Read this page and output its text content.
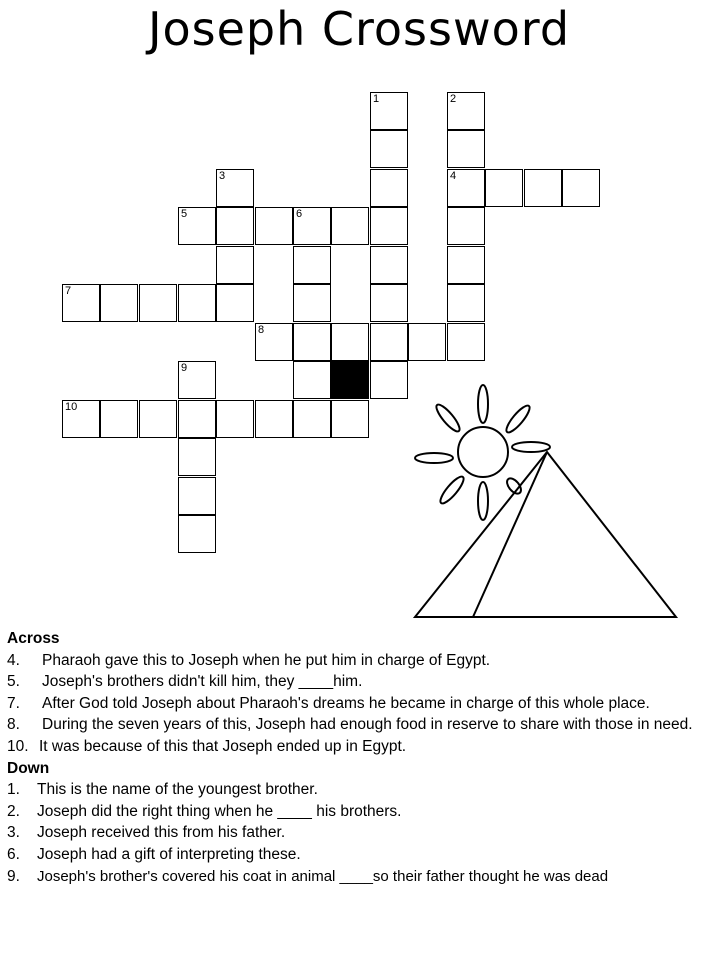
Joseph Crossword
1	2
4
3
5	6
7
8
9
10
Across
4.	Pharaoh gave this to Joseph when he put him in charge of Egypt.
5.	Joseph's brothers didn't kill him, they ____him.
7.	After God told Joseph about Pharaoh's dreams he became in charge of this whole place.
8.	During the seven years of this, Joseph had enough food in reserve to share with those in need.
10. It was because of this that Joseph ended up in Egypt.
Down
1.	This is the name of the youngest brother.
2.	Joseph did the right thing when he ____ his brothers.
3.	Joseph received this from his father.
6.	Joseph had a gift of interpreting these.
9.	Joseph's brother's covered his coat in animal ____so their father thought he was dead
